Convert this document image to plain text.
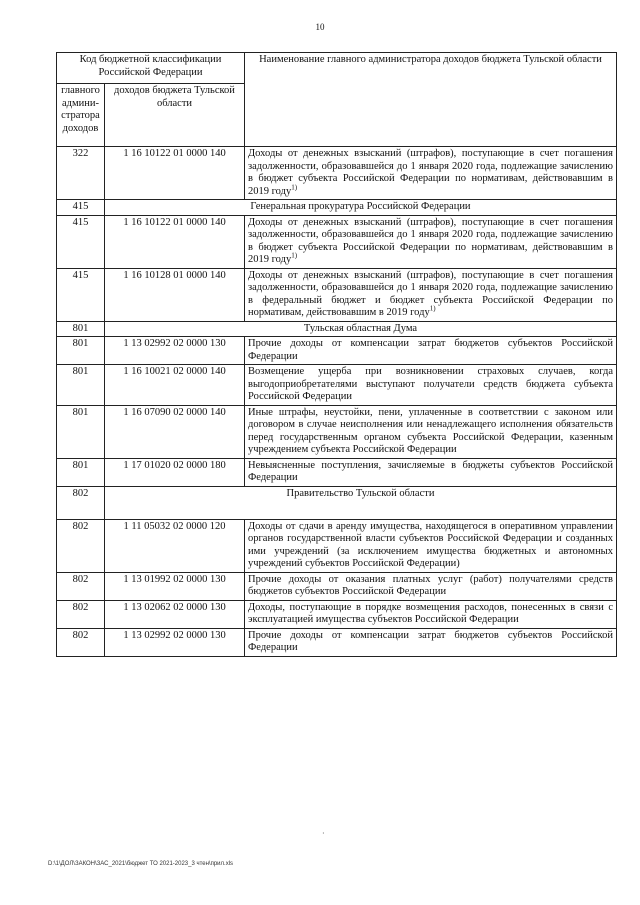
10
Код бюджетной классификации Российской Федерации		Наименование главного администратора доходов бюджета Тульской области
главного админи-стратора доходов	доходов бюджета Тульской области	
322	1 16 10122 01 0000 140	Доходы от денежных взысканий (штрафов), поступающие в счет погашения задолженности, образовавшейся до 1 января 2020 года, подлежащие зачислению в бюджет субъекта Российской Федерации по нормативам, действовавшим в 2019 году$^{1)}$
415	Генеральная прокуратура Российской Федерации	
415	1 16 10122 01 0000 140	Доходы от денежных взысканий (штрафов), поступающие в счет погашения задолженности, образовавшейся до 1 января 2020 года, подлежащие зачислению в бюджет субъекта Российской Федерации по нормативам, действовавшим в 2019 году$^{1)}$
415	1 16 10128 01 0000 140	Доходы от денежных взысканий (штрафов), поступающие в счет погашения задолженности, образовавшейся до 1 января 2020 года, подлежащие зачислению в федеральный бюджет и бюджет субъекта Российской Федерации по нормативам, действовавшим в 2019 году$^{1)}$
801	Тульская областная Дума	
801	1 13 02992 02 0000 130	Прочие доходы от компенсации затрат бюджетов субъектов Российской Федерации
801	1 16 10021 02 0000 140	Возмещение ущерба при возникновении страховых случаев, когда выгодоприобретателями выступают получатели средств бюджета субъекта Российской Федерации
801	1 16 07090 02 0000 140	Иные штрафы, неустойки, пени, уплаченные в соответствии с законом или договором в случае неисполнения или ненадлежащего исполнения обязательств перед государственным органом субъекта Российской Федерации, казенным учреждением субъекта Российской Федерации
801	1 17 01020 02 0000 180	Невыясненные поступления, зачисляемые в бюджеты субъектов Российской Федерации
802	Правительство Тульской области	
802	1 11 05032 02 0000 120	Доходы от сдачи в аренду имущества, находящегося в оперативном управлении органов государственной власти субъектов Российской Федерации и созданных ими учреждений (за исключением имущества бюджетных и автономных учреждений субъектов Российской Федерации)
802	1 13 01992 02 0000 130	Прочие доходы от оказания платных услуг (работ) получателями средств бюджетов субъектов Российской Федерации
802	1 13 02062 02 0000 130	Доходы, поступающие в порядке возмещения расходов, понесенных в связи с эксплуатацией имущества субъектов Российской Федерации
802	1 13 02992 02 0000 130	Прочие доходы от компенсации затрат бюджетов субъектов Российской Федерации
·
D:\1\ДОЛ\ЗАКОН\ЗАС_2021\бюджет ТО 2021-2023_3 чтен\прил.xls
